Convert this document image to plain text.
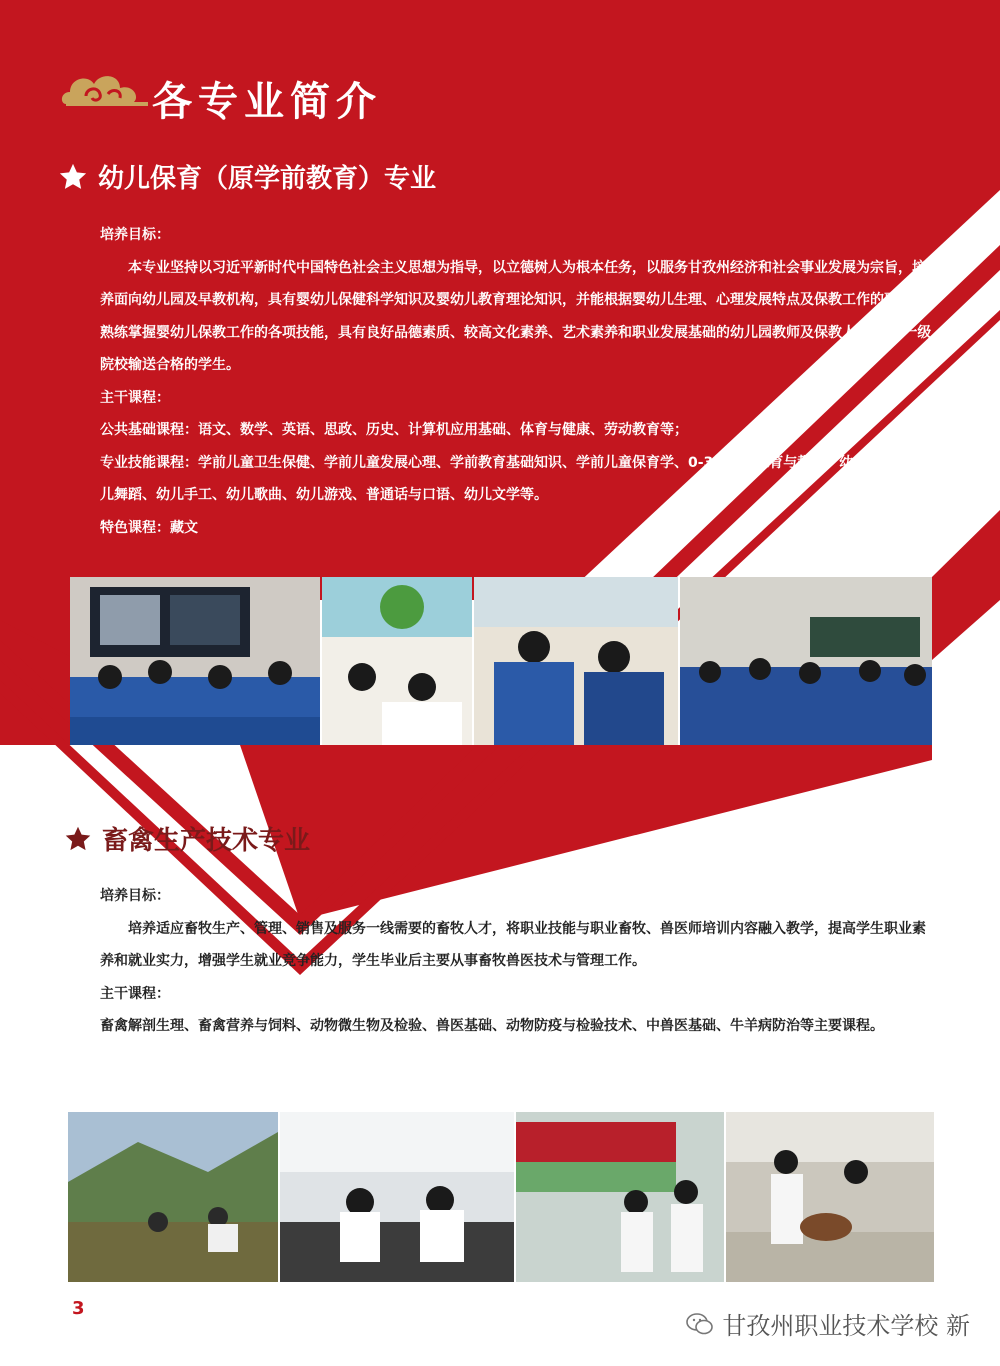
各专业简介
幼儿保育（原学前教育）专业

培养目标：

本专业坚持以习近平新时代中国特色社会主义思想为指导，以立德树人为根本任务，以服务甘孜州经济和社会事业发展为宗旨，培养面向幼儿园及早教机构，具有婴幼儿保健科学知识及婴幼儿教育理论知识，并能根据婴幼儿生理、心理发展特点及保教工作的要求，熟练掌握婴幼儿保教工作的各项技能，具有良好品德素质、较高文化素养、艺术素养和职业发展基础的幼儿园教师及保教人员,为高一级院校输送合格的学生。

主干课程：

公共基础课程：语文、数学、英语、思政、历史、计算机应用基础、体育与健康、劳动教育等；

专业技能课程：学前儿童卫生保健、学前儿童发展心理、学前教育基础知识、学前儿童保育学、0-3岁幼儿保育与教育、幼儿钢琴、幼儿舞蹈、幼儿手工、幼儿歌曲、幼儿游戏、普通话与口语、幼儿文学等。

特色课程：藏文

畜禽生产技术专业

培养目标：

培养适应畜牧生产、管理、销售及服务一线需要的畜牧人才，将职业技能与职业畜牧、兽医师培训内容融入教学，提高学生职业素养和就业实力，增强学生就业竞争能力，学生毕业后主要从事畜牧兽医技术与管理工作。

主干课程：

畜禽解剖生理、畜禽营养与饲料、动物微生物及检验、兽医基础、动物防疫与检验技术、中兽医基础、牛羊病防治等主要课程。

3
甘孜州职业技术学校 新
